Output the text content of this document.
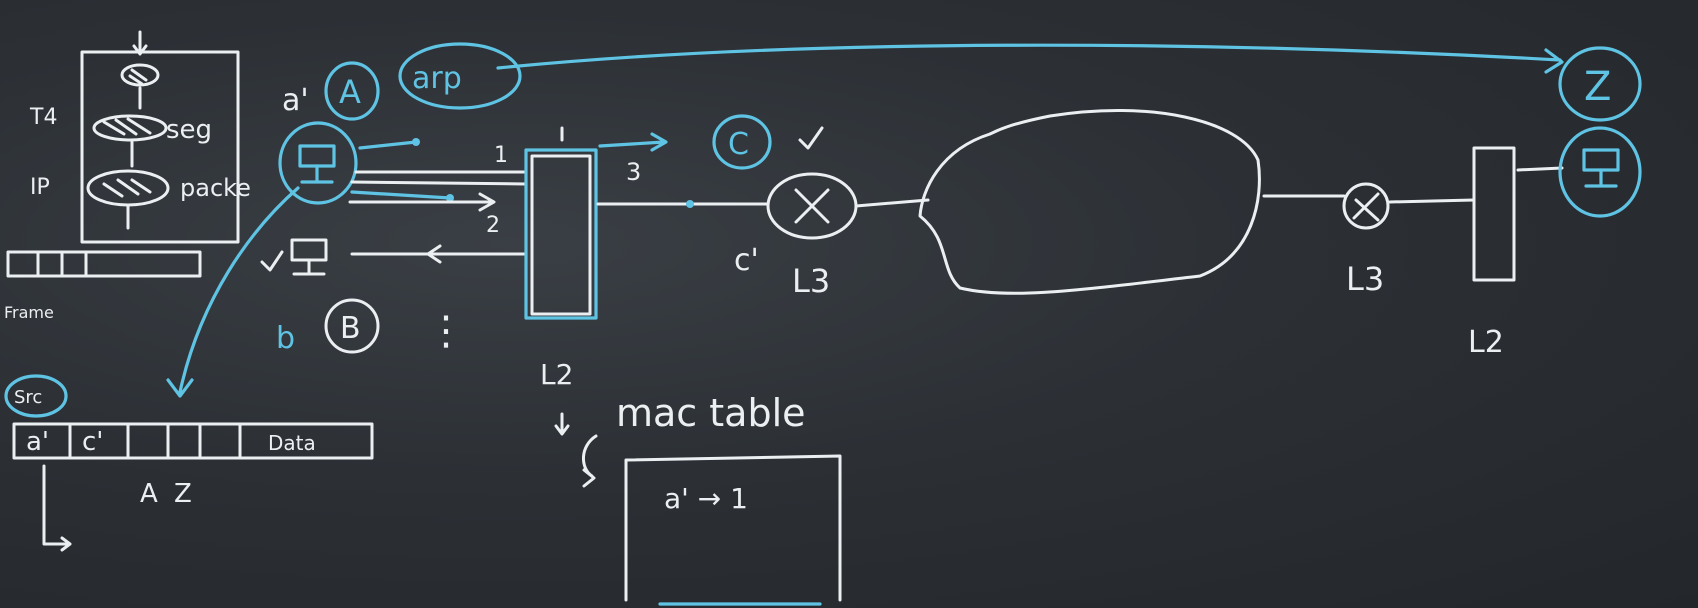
seg
packe
T4
IP
Frame
a' A arp
b B ⋮
1
2
3
L2
C
c'
L3	L3
L2
Z
Src
a' c'	Data
A Z
mac table
a' → 1
